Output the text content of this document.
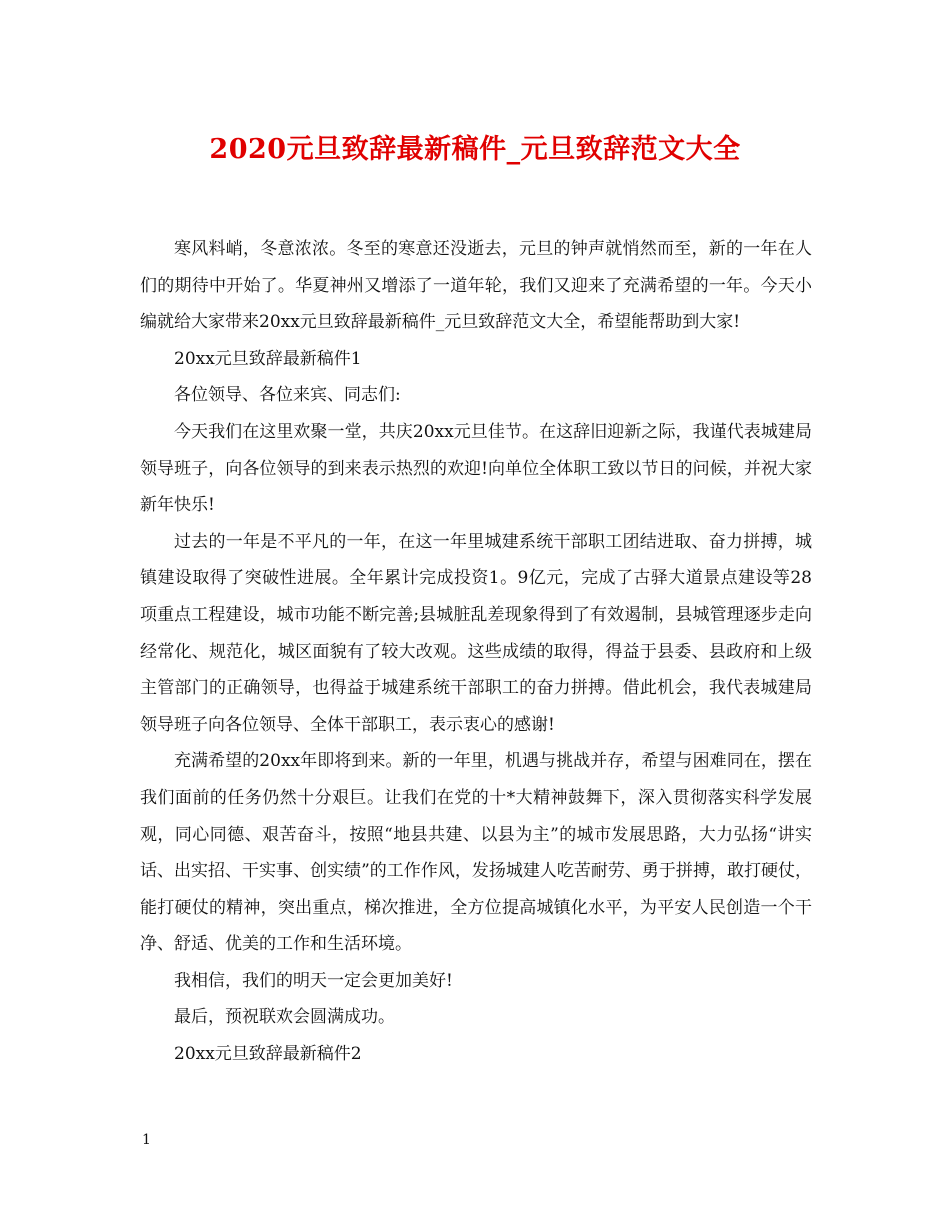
2020元旦致辞最新稿件_元旦致辞范文大全

寒风料峭，冬意浓浓。冬至的寒意还没逝去，元旦的钟声就悄然而至，新的一年在人们的期待中开始了。华夏神州又增添了一道年轮，我们又迎来了充满希望的一年。今天小编就给大家带来20xx元旦致辞最新稿件_元旦致辞范文大全，希望能帮助到大家!

20xx元旦致辞最新稿件1

各位领导、各位来宾、同志们:

今天我们在这里欢聚一堂，共庆20xx元旦佳节。在这辞旧迎新之际，我谨代表城建局领导班子，向各位领导的到来表示热烈的欢迎!向单位全体职工致以节日的问候，并祝大家新年快乐!

过去的一年是不平凡的一年，在这一年里城建系统干部职工团结进取、奋力拼搏，城镇建设取得了突破性进展。全年累计完成投资1。9亿元，完成了古驿大道景点建设等28项重点工程建设，城市功能不断完善;县城脏乱差现象得到了有效遏制，县城管理逐步走向经常化、规范化，城区面貌有了较大改观。这些成绩的取得，得益于县委、县政府和上级主管部门的正确领导，也得益于城建系统干部职工的奋力拼搏。借此机会，我代表城建局领导班子向各位领导、全体干部职工，表示衷心的感谢!

充满希望的20xx年即将到来。新的一年里，机遇与挑战并存，希望与困难同在，摆在我们面前的任务仍然十分艰巨。让我们在党的十*大精神鼓舞下，深入贯彻落实科学发展观，同心同德、艰苦奋斗，按照“地县共建、以县为主”的城市发展思路，大力弘扬“讲实话、出实招、干实事、创实绩”的工作作风，发扬城建人吃苦耐劳、勇于拼搏，敢打硬仗，能打硬仗的精神，突出重点，梯次推进，全方位提高城镇化水平，为平安人民创造一个干净、舒适、优美的工作和生活环境。

我相信，我们的明天一定会更加美好!

最后，预祝联欢会圆满成功。

20xx元旦致辞最新稿件2

1
